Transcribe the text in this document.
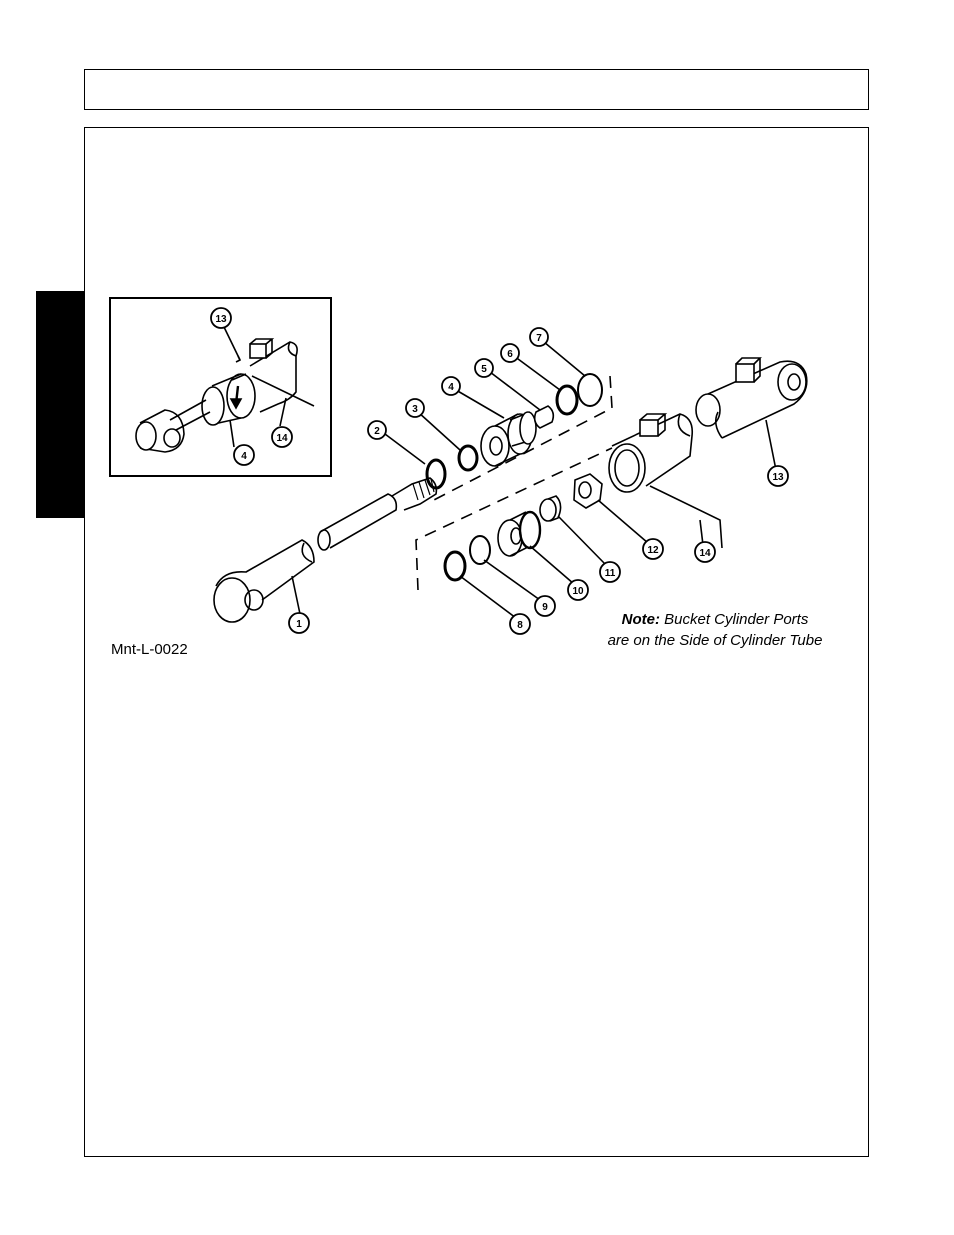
13
4
14
2
3
4
5
6
7
1	8
9
10
11
12
13
14
Note: Bucket Cylinder Ports
are on the Side of Cylinder Tube
Mnt-L-0022
